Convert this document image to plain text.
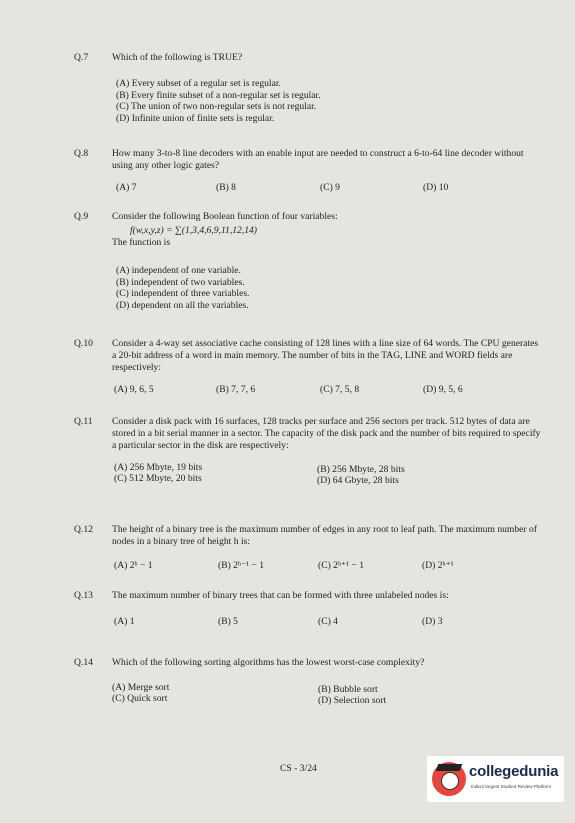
Q.7	Which of the following is TRUE?
(A) Every subset of a regular set is regular.
(B) Every finite subset of a non-regular set is regular.
(C) The union of two non-regular sets is not regular.
(D) Infinite union of finite sets is regular.
Q.8	How many 3-to-8 line decoders with an enable input are needed to construct a 6-to-64 line decoder without using any other logic gates?
(A) 7	(B) 8	(C) 9	(D) 10
Q.9	Consider the following Boolean function of four variables:
f(w,x,y,z) = ∑(1,3,4,6,9,11,12,14)
The function is
(A) independent of one variable.
(B) independent of two variables.
(C) independent of three variables.
(D) dependent on all the variables.
Q.10	Consider a 4-way set associative cache consisting of 128 lines with a line size of 64 words. The CPU generates a 20-bit address of a word in main memory. The number of bits in the TAG, LINE and WORD fields are respectively:
(A) 9, 6, 5	(B) 7, 7, 6	(C) 7, 5, 8	(D) 9, 5, 6
Q.11	Consider a disk pack with 16 surfaces, 128 tracks per surface and 256 sectors per track. 512 bytes of data are stored in a bit serial manner in a sector. The capacity of the disk pack and the number of bits required to specify a particular sector in the disk are respectively:
(A) 256 Mbyte, 19 bits	(B) 256 Mbyte, 28 bits
(C) 512 Mbyte, 20 bits	(D) 64 Gbyte, 28 bits
Q.12	The height of a binary tree is the maximum number of edges in any root to leaf path. The maximum number of nodes in a binary tree of height h is:
(A) 2ʰ − 1	(B) 2ʰ⁻¹ − 1	(C) 2ʰ⁺¹ − 1	(D) 2ʰ⁺¹
Q.13	The maximum number of binary trees that can be formed with three unlabeled nodes is:
(A) 1	(B) 5	(C) 4	(D) 3
Q.14	Which of the following sorting algorithms has the lowest worst-case complexity?
(A) Merge sort	(B) Bubble sort
(C) Quick sort	(D) Selection sort
CS - 3/24	collegedunia
India's largest Student Review Platform
